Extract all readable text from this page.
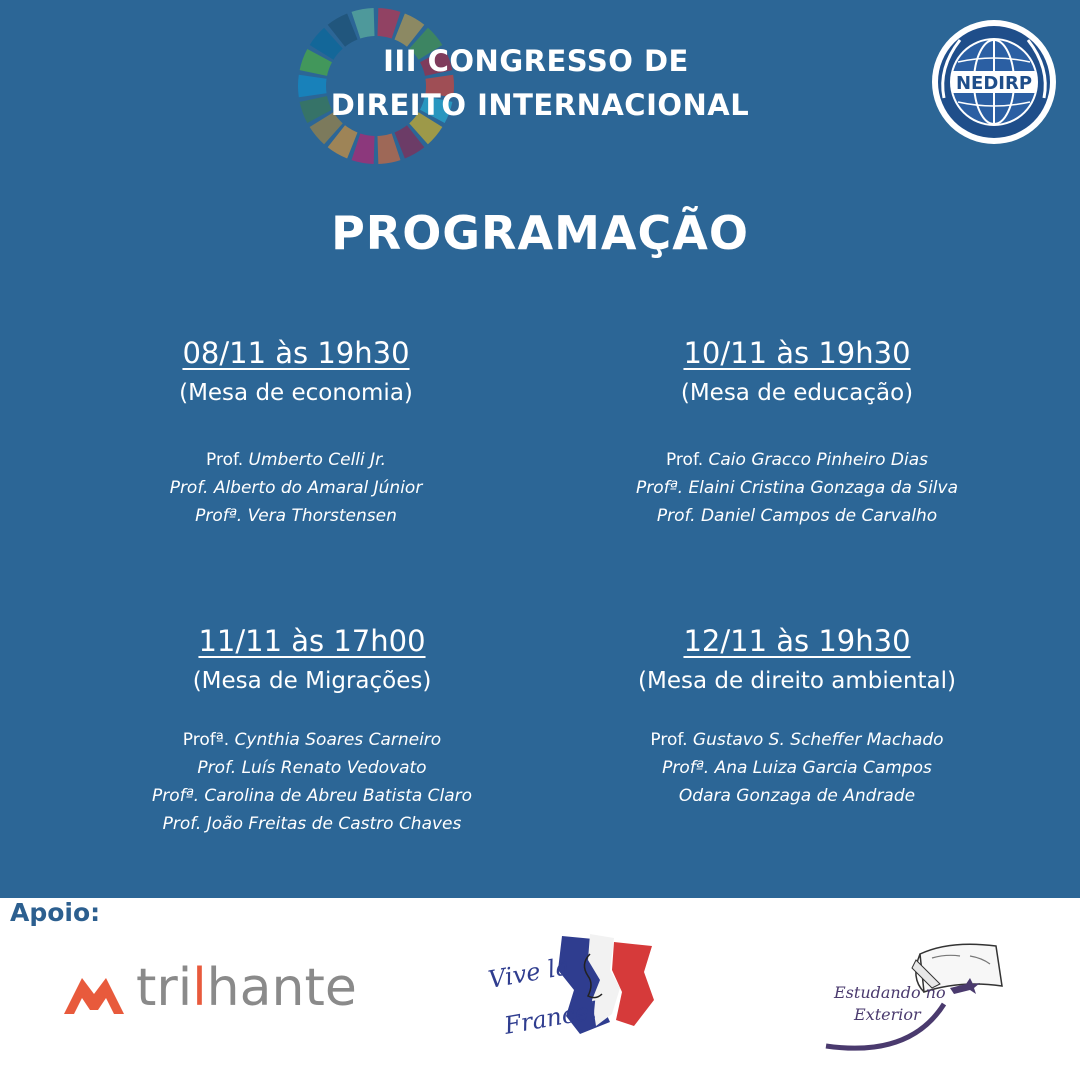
III CONGRESSO DE
DIREITO INTERNACIONAL
NEDIRP
PROGRAMAÇÃO
08/11 às 19h30
(Mesa de economia)
Prof. Umberto Celli Jr.
Prof. Alberto do Amaral Júnior
Profª. Vera Thorstensen
10/11 às 19h30
(Mesa de educação)
Prof. Caio Gracco Pinheiro Dias
Profª. Elaini Cristina Gonzaga da Silva
Prof. Daniel Campos de Carvalho
11/11 às 17h00
(Mesa de Migrações)
Profª. Cynthia Soares Carneiro
Prof. Luís Renato Vedovato
Profª. Carolina de Abreu Batista Claro
Prof. João Freitas de Castro Chaves
12/11 às 19h30
(Mesa de direito ambiental)
Prof. Gustavo S. Scheffer Machado
Profª. Ana Luiza Garcia Campos
Odara Gonzaga de Andrade
Apoio:
trilhante	Vive la
France!
Estudando no
Exterior
